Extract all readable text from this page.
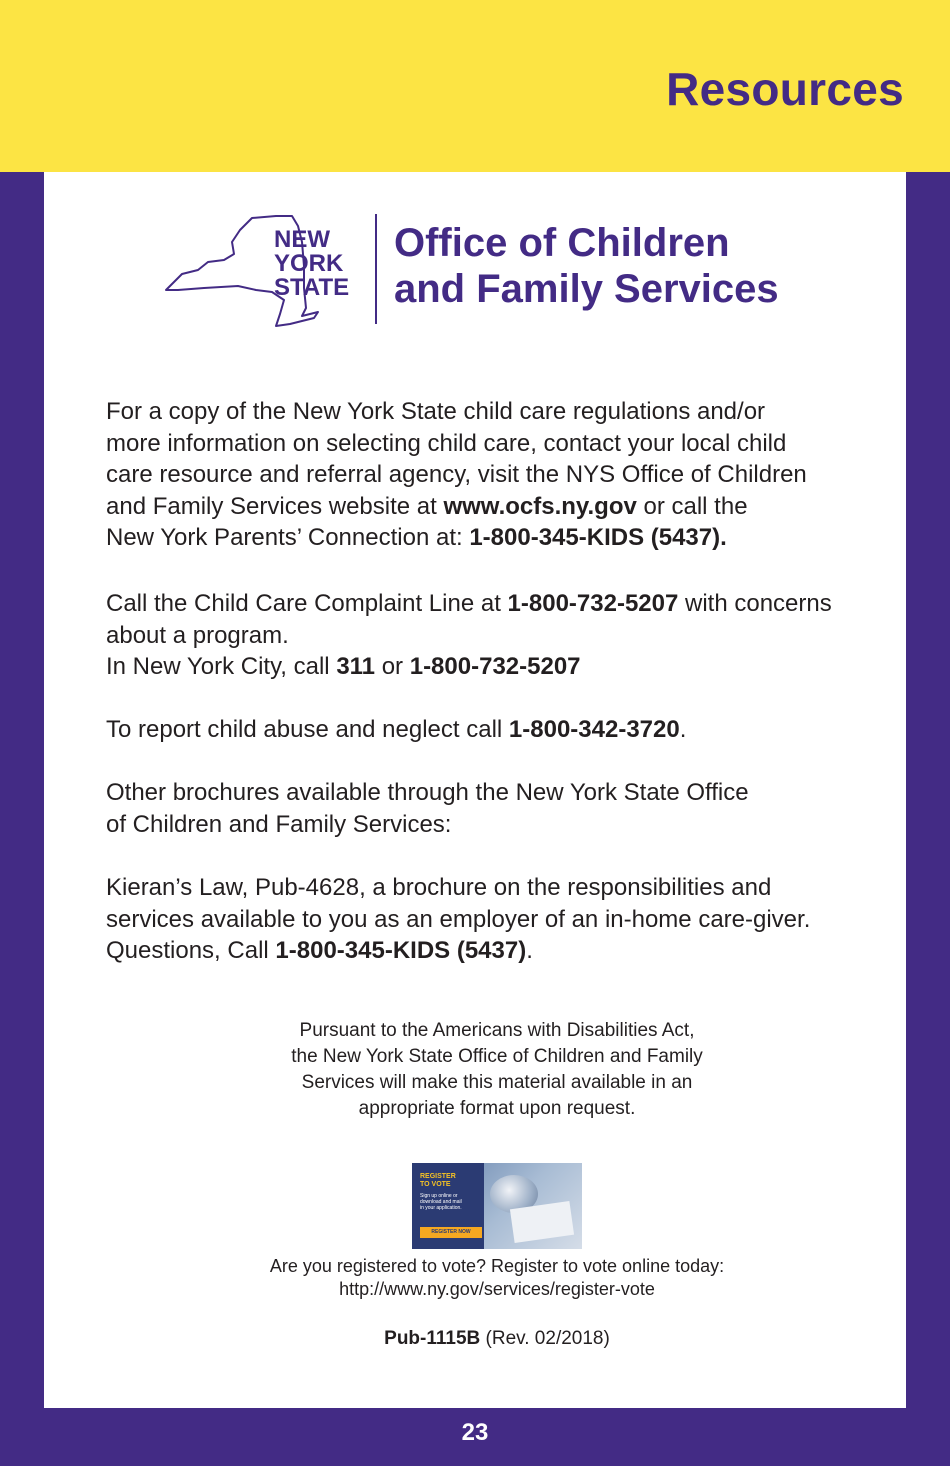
Resources
NEW
YORK
STATE
Office of Children
and Family Services
For a copy of the New York State child care regulations and/or
more information on selecting child care, contact your local child
care resource and referral agency, visit the NYS Office of Children
and Family Services website at www.ocfs.ny.gov or call the
New York Parents’ Connection at: 1-800-345-KIDS (5437).
Call the Child Care Complaint Line at 1-800-732-5207 with concerns
about a program.
In New York City, call 311 or 1-800-732-5207
To report child abuse and neglect call 1-800-342-3720.
Other brochures available through the New York State Office
of Children and Family Services:
Kieran’s Law, Pub-4628, a brochure on the responsibilities and
services available to you as an employer of an in-home care-giver.
Questions, Call 1-800-345-KIDS (5437).
Pursuant to the Americans with Disabilities Act,
the New York State Office of Children and Family
Services will make this material available in an
appropriate format upon request.
REGISTER
TO VOTE
Sign up online or
download and mail
in your application.
REGISTER NOW
Are you registered to vote? Register to vote online today:
http://www.ny.gov/services/register-vote
Pub-1115B (Rev. 02/2018)
23
